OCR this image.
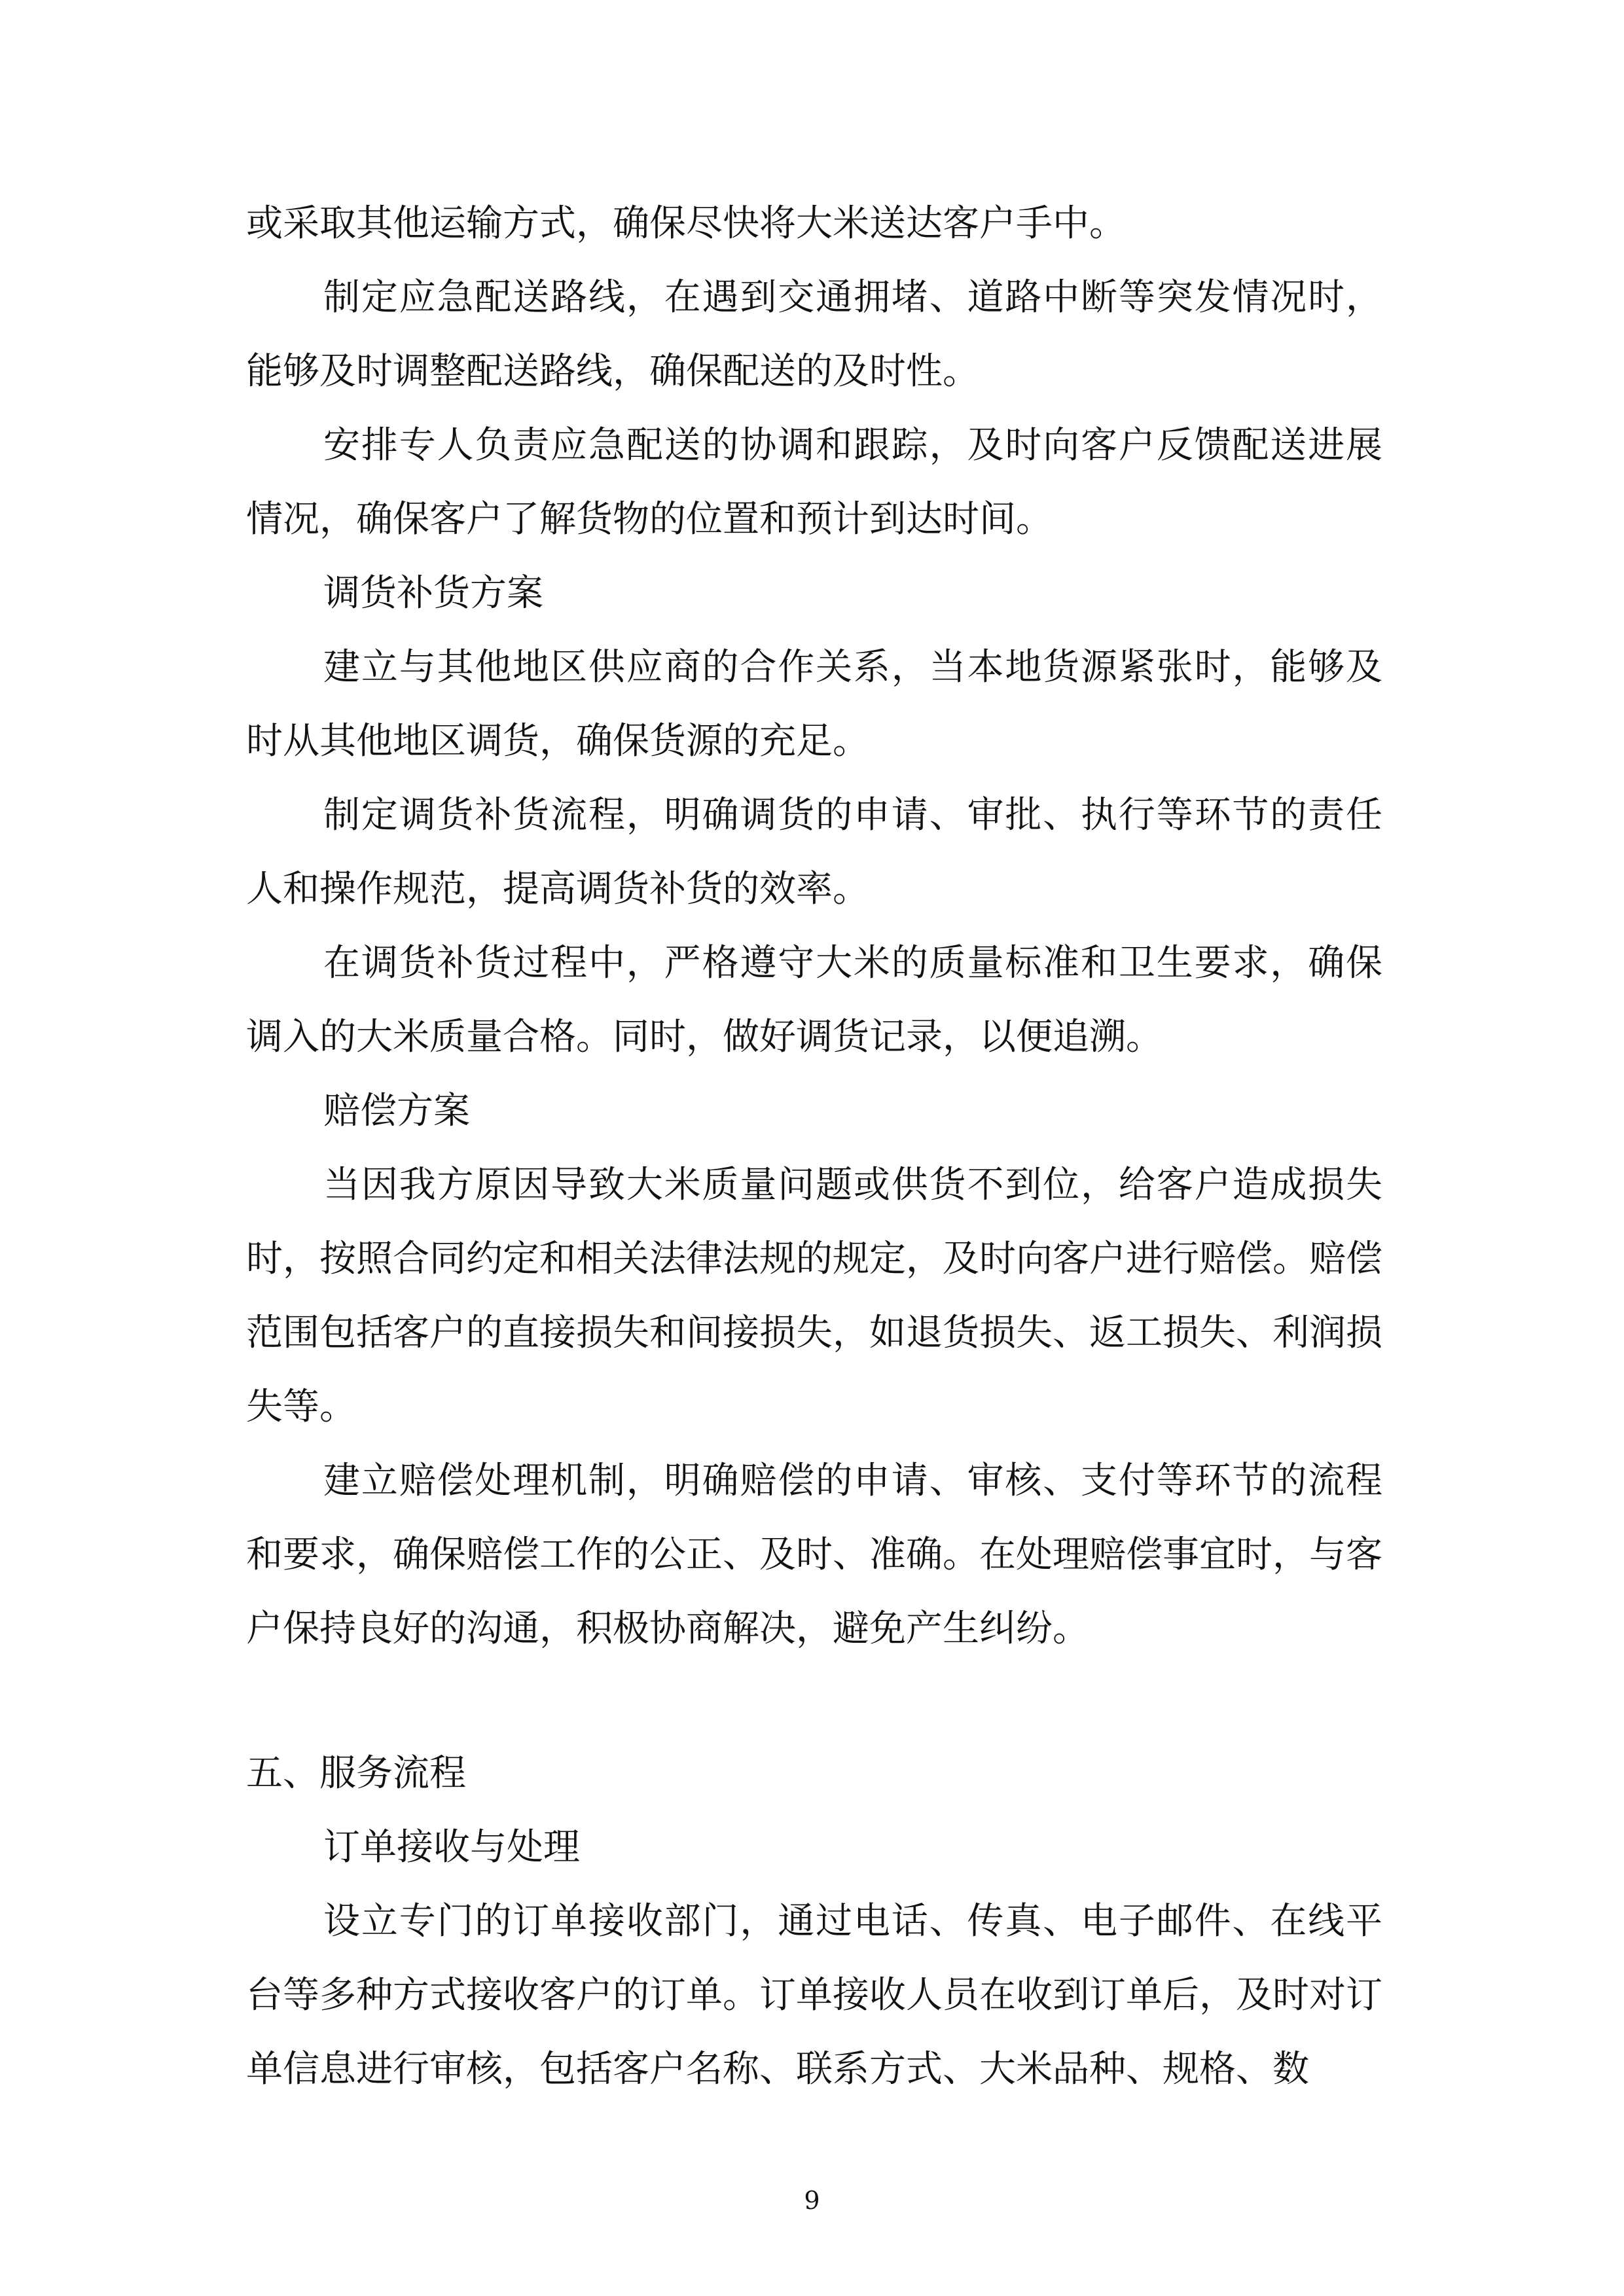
或采取其他运输方式，确保尽快将大米送达客户手中。

制定应急配送路线，在遇到交通拥堵、道路中断等突发情况时，能够及时调整配送路线，确保配送的及时性。

安排专人负责应急配送的协调和跟踪，及时向客户反馈配送进展情况，确保客户了解货物的位置和预计到达时间。

调货补货方案

建立与其他地区供应商的合作关系，当本地货源紧张时，能够及时从其他地区调货，确保货源的充足。

制定调货补货流程，明确调货的申请、审批、执行等环节的责任人和操作规范，提高调货补货的效率。

在调货补货过程中，严格遵守大米的质量标准和卫生要求，确保调入的大米质量合格。同时，做好调货记录，以便追溯。

赔偿方案

当因我方原因导致大米质量问题或供货不到位，给客户造成损失时，按照合同约定和相关法律法规的规定，及时向客户进行赔偿。赔偿范围包括客户的直接损失和间接损失，如退货损失、返工损失、利润损失等。

建立赔偿处理机制，明确赔偿的申请、审核、支付等环节的流程和要求，确保赔偿工作的公正、及时、准确。在处理赔偿事宜时，与客户保持良好的沟通，积极协商解决，避免产生纠纷。

五、服务流程

订单接收与处理

设立专门的订单接收部门，通过电话、传真、电子邮件、在线平台等多种方式接收客户的订单。订单接收人员在收到订单后，及时对订单信息进行审核，包括客户名称、联系方式、大米品种、规格、数

9
